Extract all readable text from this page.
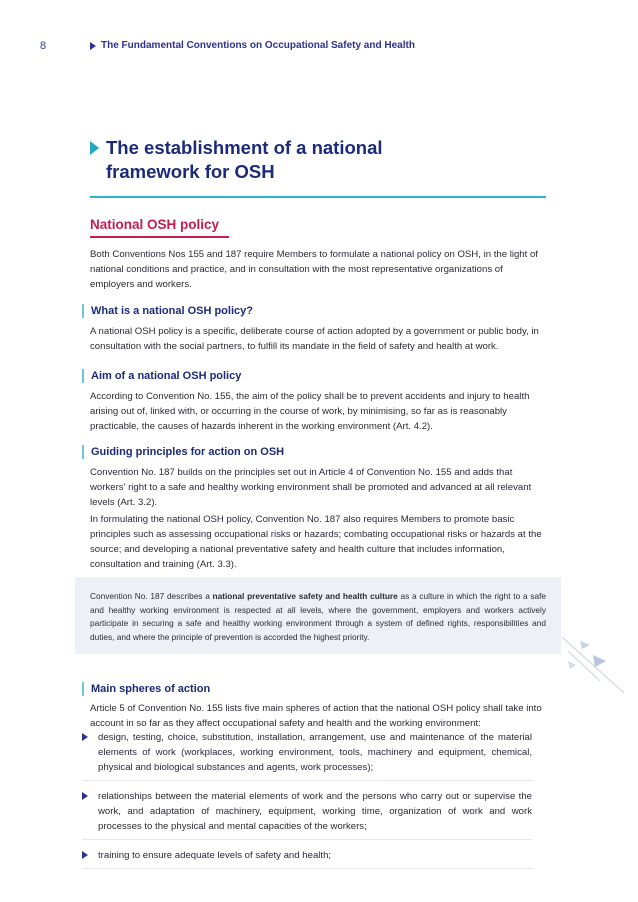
8	The Fundamental Conventions on Occupational Safety and Health
The establishment of a national
framework for OSH
National OSH policy
Both Conventions Nos 155 and 187 require Members to formulate a national policy on OSH, in the light of national conditions and practice, and in consultation with the most representative organizations of employers and workers.
What is a national OSH policy?
A national OSH policy is a specific, deliberate course of action adopted by a government or public body, in consultation with the social partners, to fulfill its mandate in the field of safety and health at work.
Aim of a national OSH policy
According to Convention No. 155, the aim of the policy shall be to prevent accidents and injury to health arising out of, linked with, or occurring in the course of work, by minimising, so far as is reasonably practicable, the causes of hazards inherent in the working environment (Art. 4.2).
Guiding principles for action on OSH
Convention No. 187 builds on the principles set out in Article 4 of Convention No. 155 and adds that workers' right to a safe and healthy working environment shall be promoted and advanced at all relevant levels (Art. 3.2).
In formulating the national OSH policy, Convention No. 187 also requires Members to promote basic principles such as assessing occupational risks or hazards; combating occupational risks or hazards at the source; and developing a national preventative safety and health culture that includes information, consultation and training (Art. 3.3).
Convention No. 187 describes a national preventative safety and health culture as a culture in which the right to a safe and healthy working environment is respected at all levels, where the government, employers and workers actively participate in securing a safe and healthy working environment through a system of defined rights, responsibilities and duties, and where the principle of prevention is accorded the highest priority.
Main spheres of action
Article 5 of Convention No. 155 lists five main spheres of action that the national OSH policy shall take into account in so far as they affect occupational safety and health and the working environment:
design, testing, choice, substitution, installation, arrangement, use and maintenance of the material elements of work (workplaces, working environment, tools, machinery and equipment, chemical, physical and biological substances and agents, work processes);
relationships between the material elements of work and the persons who carry out or supervise the work, and adaptation of machinery, equipment, working time, organization of work and work processes to the physical and mental capacities of the workers;
training to ensure adequate levels of safety and health;
